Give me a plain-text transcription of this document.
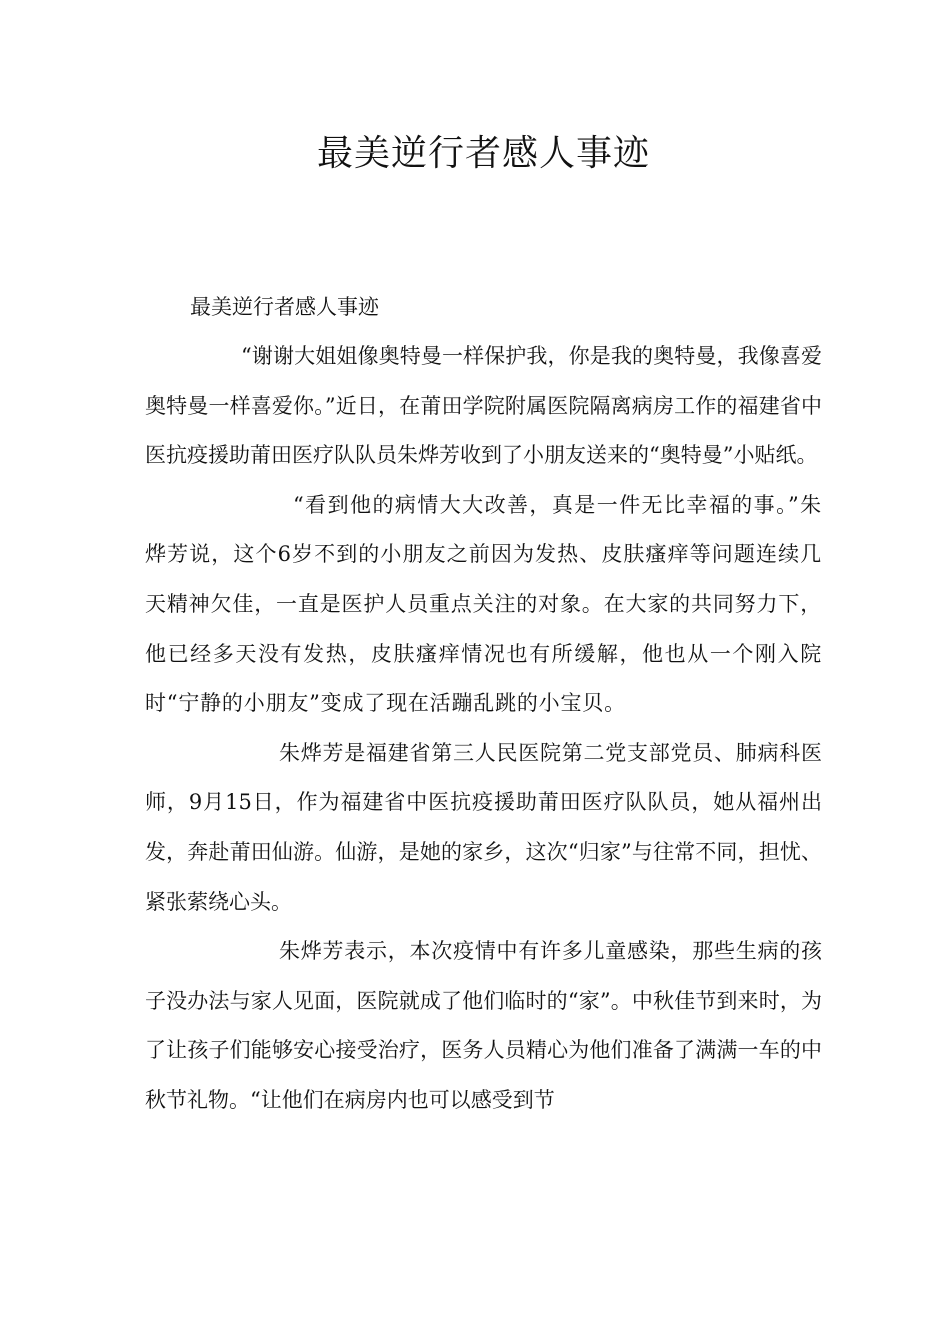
最美逆行者感人事迹

最美逆行者感人事迹

“谢谢大姐姐像奥特曼一样保护我，你是我的奥特曼，我像喜爱奥特曼一样喜爱你。”近日，在莆田学院附属医院隔离病房工作的福建省中医抗疫援助莆田医疗队队员朱烨芳收到了小朋友送来的“奥特曼”小贴纸。

“看到他的病情大大改善，真是一件无比幸福的事。”朱烨芳说，这个6岁不到的小朋友之前因为发热、皮肤瘙痒等问题连续几天精神欠佳，一直是医护人员重点关注的对象。在大家的共同努力下，他已经多天没有发热，皮肤瘙痒情况也有所缓解，他也从一个刚入院时“宁静的小朋友”变成了现在活蹦乱跳的小宝贝。

朱烨芳是福建省第三人民医院第二党支部党员、肺病科医师，9月15日，作为福建省中医抗疫援助莆田医疗队队员，她从福州出发，奔赴莆田仙游。仙游，是她的家乡，这次“归家”与往常不同，担忧、紧张萦绕心头。

朱烨芳表示，本次疫情中有许多儿童感染，那些生病的孩子没办法与家人见面，医院就成了他们临时的“家”。中秋佳节到来时，为了让孩子们能够安心接受治疗，医务人员精心为他们准备了满满一车的中秋节礼物。“让他们在病房内也可以感受到节
